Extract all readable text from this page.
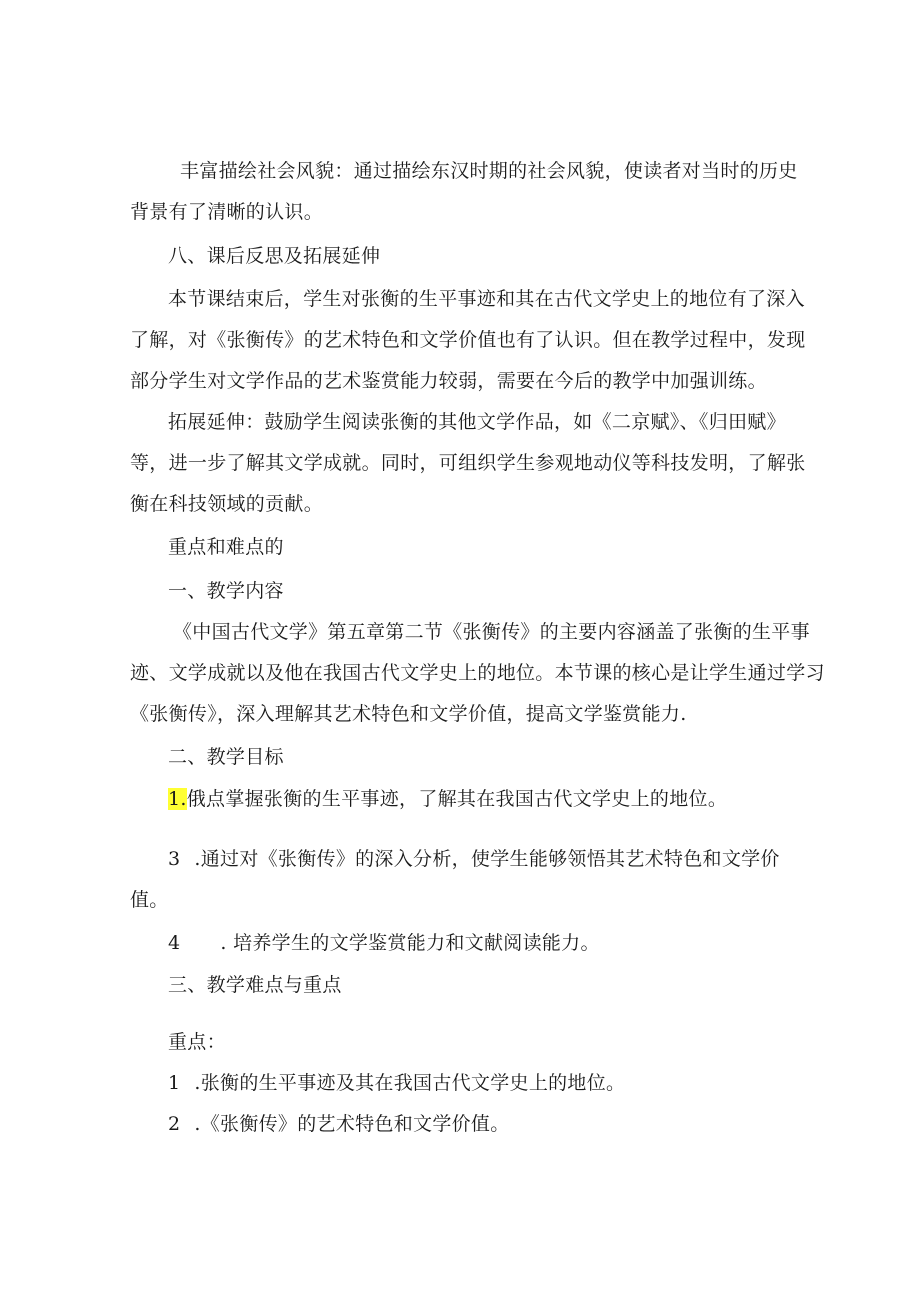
丰富描绘社会风貌：通过描绘东汉时期的社会风貌，使读者对当时的历史
背景有了清晰的认识。
八、课后反思及拓展延伸
本节课结束后，学生对张衡的生平事迹和其在古代文学史上的地位有了深入
了解，对《张衡传》的艺术特色和文学价值也有了认识。但在教学过程中，发现
部分学生对文学作品的艺术鉴赏能力较弱，需要在今后的教学中加强训练。
拓展延伸：鼓励学生阅读张衡的其他文学作品，如《二京赋》、《归田赋》
等，进一步了解其文学成就。同时，可组织学生参观地动仪等科技发明，了解张
衡在科技领域的贡献。
重点和难点的
一、教学内容
《中国古代文学》第五章第二节《张衡传》的主要内容涵盖了张衡的生平事
迹、文学成就以及他在我国古代文学史上的地位。本节课的核心是让学生通过学习
《张衡传》，深入理解其艺术特色和文学价值，提高文学鉴赏能力.
二、教学目标
1.俄点掌握张衡的生平事迹，了解其在我国古代文学史上的地位。
3 .通过对《张衡传》的深入分析，使学生能够领悟其艺术特色和文学价
值。
4 . 培养学生的文学鉴赏能力和文献阅读能力。
三、教学难点与重点
重点：
1 .张衡的生平事迹及其在我国古代文学史上的地位。
2 .《张衡传》的艺术特色和文学价值。
